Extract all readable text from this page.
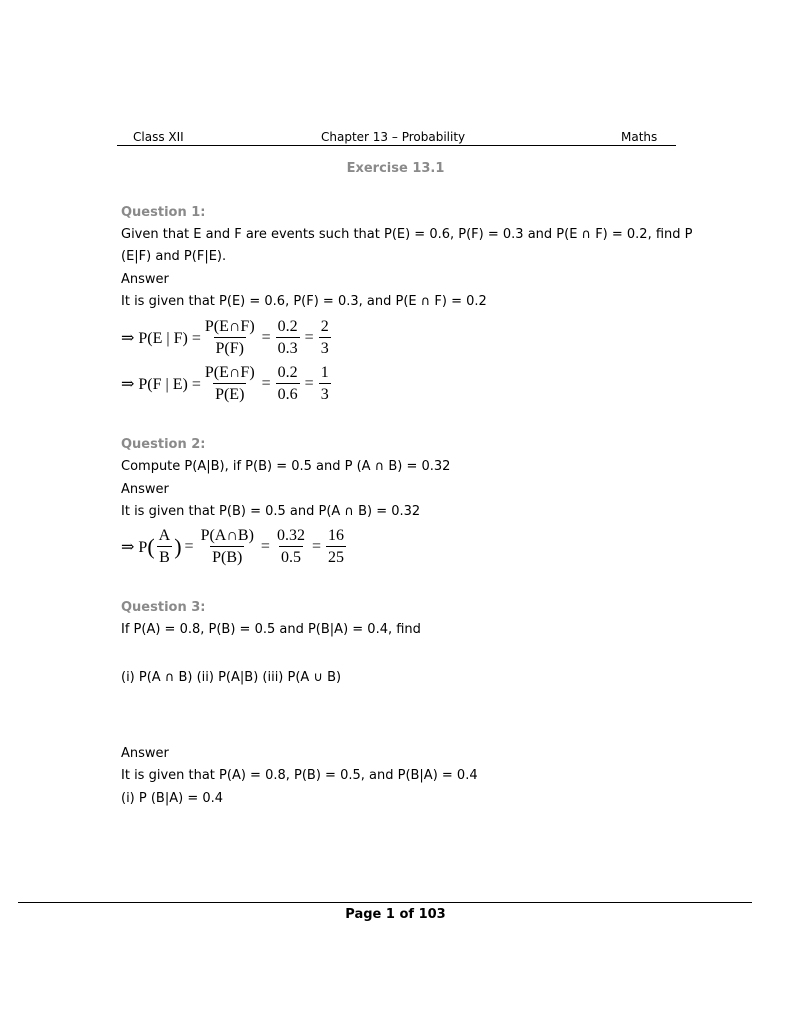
Class XII	Chapter 13 – Probability	Maths
Exercise 13.1
Question 1:
Given that E and F are events such that P(E) = 0.6, P(F) = 0.3 and P(E ∩ F) = 0.2, find P
(E|F) and P(F|E).
Answer
It is given that P(E) = 0.6, P(F) = 0.3, and P(E ∩ F) = 0.2
⇒ P(E | $F) = \frac{P(E\cap F)}{P(F)} = \frac{0.2}{0.3} = \frac{2}{3}$
⇒ P(F | $E) = \frac{P(E\cap F)}{P(E)} = \frac{0.2}{0.6} = \frac{1}{3}$
Question 2:
Compute P(A|B), if P(B) = 0.5 and P (A ∩ B) = 0.32
Answer
It is given that P(B) = 0.5 and P(A ∩ B) = 0.32
⇒ P ( $\frac{A}{B}$ ) = $\frac{P(A\cap B)}{P(B)} = \frac{0.32}{0.5} = \frac{16}{25}$
Question 3:
If P(A) = 0.8, P(B) = 0.5 and P(B|A) = 0.4, find
(i) P(A ∩ B) (ii) P(A|B) (iii) P(A ∪ B)
Answer
It is given that P(A) = 0.8, P(B) = 0.5, and P(B|A) = 0.4
(i) P (B|A) = 0.4
Page 1 of 103
